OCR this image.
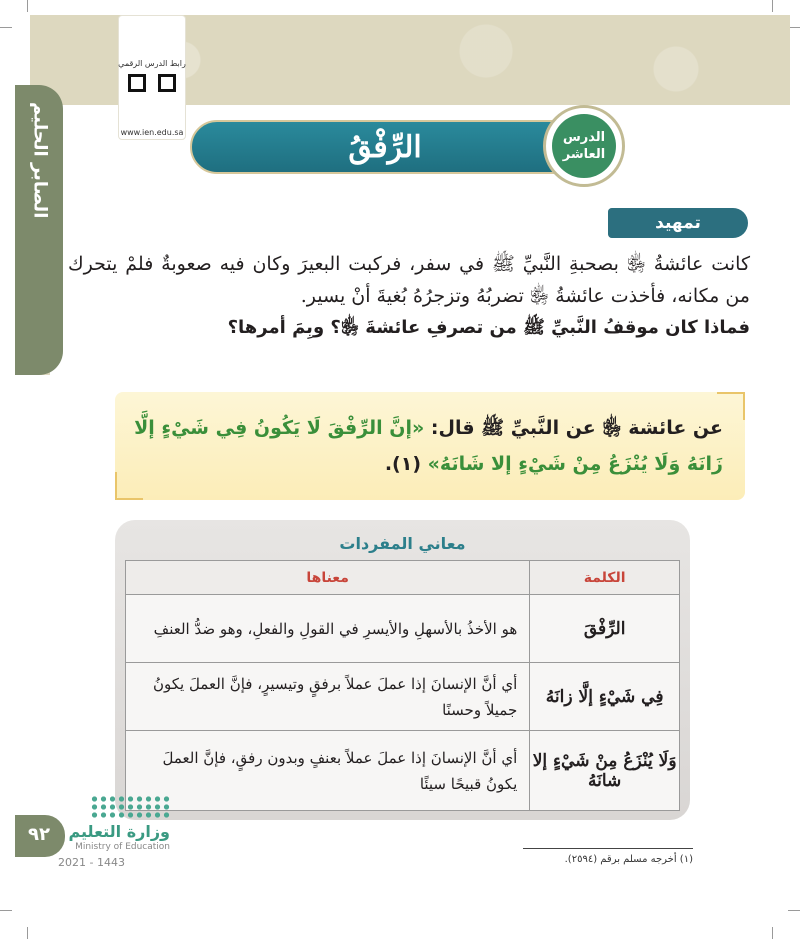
الصابر الحليم
رابط الدرس الرقمي
www.ien.edu.sa	الرِّفْقُ	الدرس
العاشر
تمهيد

كانت عائشةُ ﵂ بصحبةِ النَّبيِّ ﷺ في سفر، فركبت البعيرَ وكان فيه صعوبةٌ فلمْ يتحرك من مكانه، فأخذت عائشةُ ﵂ تضربُهُ وتزجرُهُ بُغيةَ أنْ يسير.

فماذا كان موقفُ النَّبيِّ ﷺ من تصرفِ عائشةَ ﵂؟ وبِمَ أمرها؟

عن عائشة ﵂ عن النَّبيِّ ﷺ قال: «إنَّ الرِّفْقَ لَا يَكُونُ فِي شَيْءٍ إلَّا زَانَهُ وَلَا يُنْزَعُ مِنْ شَيْءٍ إلا شَانَهُ» (١).
معاني المفردات
الكلمة	معناها
الرِّفْقَ	هو الأخذُ بالأسهلِ والأيسرِ في القولِ والفعلِ، وهو ضدُّ العنفِ
فِي شَيْءٍ إلَّا زانَهُ	أي أنَّ الإنسانَ إذا عملَ عملاً برفقٍ وتيسيرٍ، فإنَّ العملَ يكونُ جميلاً وحسنًا
وَلَا يُنْزَعُ مِنْ شَيْءٍ إلا شانَهُ	أي أنَّ الإنسانَ إذا عملَ عملاً بعنفٍ وبدون رفقٍ، فإنَّ العملَ يكونُ قبيحًا سيئًا
٩٢	وزارة التعليم
Ministry of Education
2021 - 1443	(١) أخرجه مسلم برقم (٢٥٩٤).
